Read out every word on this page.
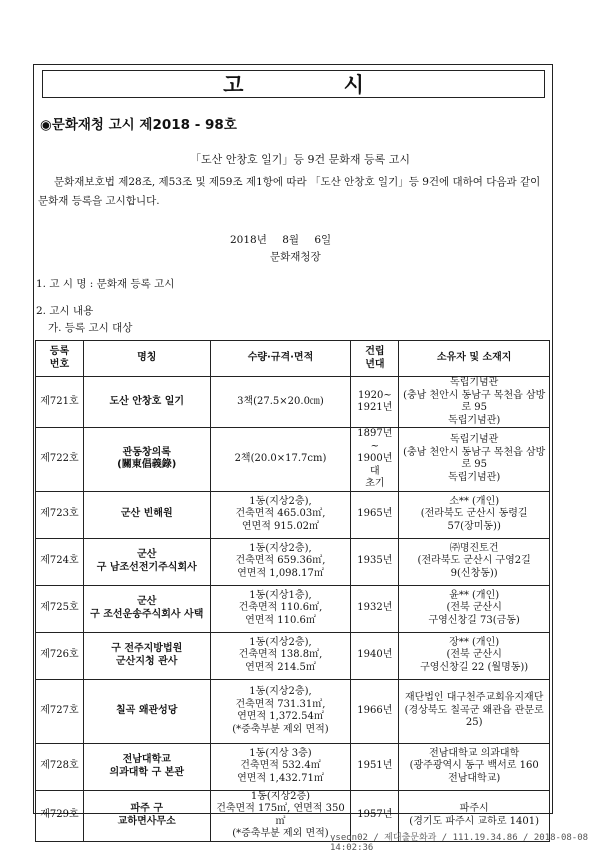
고	시
◉문화재청 고시 제2018 - 98호
「도산 안창호 일기」등 9건 문화재 등록 고시
문화재보호법 제28조, 제53조 및 제59조 제1항에 따라 「도산 안창호 일기」등 9건에 대하여 다음과 같이 문화재 등록을 고시합니다.
2018년 8월 6일
문화재청장
1. 고 시 명 : 문화재 등록 고시
2. 고시 내용
가. 등록 고시 대상
등록
번호	명칭	수량·규격·면적	건립
년대	소유자 및 소재지
제721호	도산 안창호 일기	3책(27.5×20.0㎝)	1920~
1921년	독립기념관
(충남 천안시 동남구 목천읍 삼방로 95
독립기념관)
제722호	관동창의록
(關東倡義錄)	2책(20.0×17.7cm)	1897년~
1900년대
초기	독립기념관
(충남 천안시 동남구 목천읍 삼방로 95
독립기념관)
제723호	군산 빈해원	1동(지상2층),
건축면적 465.03㎡,
연면적 915.02㎡	1965년	소** (개인)
(전라북도 군산시 동령길
57(장미동))
제724호	군산
구 남조선전기주식회사	1동(지상2층),
건축면적 659.36㎡,
연면적 1,098.17㎡	1935년	㈜명진토건
(전라북도 군산시 구영2길
9(신창동))
제725호	군산
구 조선운송주식회사 사택	1동(지상1층),
건축면적 110.6㎡,
연면적 110.6㎡	1932년	윤** (개인)
(전북 군산시
구영신창길 73(금동)
제726호	구 전주지방법원
군산지청 관사	1동(지상2층),
건축면적 138.8㎡,
연면적 214.5㎡	1940년	장** (개인)
(전북 군산시
구영신창길 22 (월명동))
제727호	칠곡 왜관성당	1동(지상2층),
건축면적 731.31㎡,
연면적 1,372.54㎡
(*증축부분 제외 면적)	1966년	재단법인 대구천주교회유지재단
(경상북도 칠곡군 왜관읍 관문로 25)
제728호	전남대학교
의과대학 구 본관	1동(지상 3층)
건축면적 532.4㎡
연면적 1,432.71㎡	1951년	전남대학교 의과대학
(광주광역시 동구 백서로 160
전남대학교)
제729호	파주 구
교하면사무소	1동(지상2층)
건축면적 175㎡, 연면적 350㎡
(*증축부분 제외 면적)	1957년	파주시
(경기도 파주시 교하로 1401)
yseon02 / 제대출문화과 / 111.19.34.86 / 2018-08-08 14:02:36
